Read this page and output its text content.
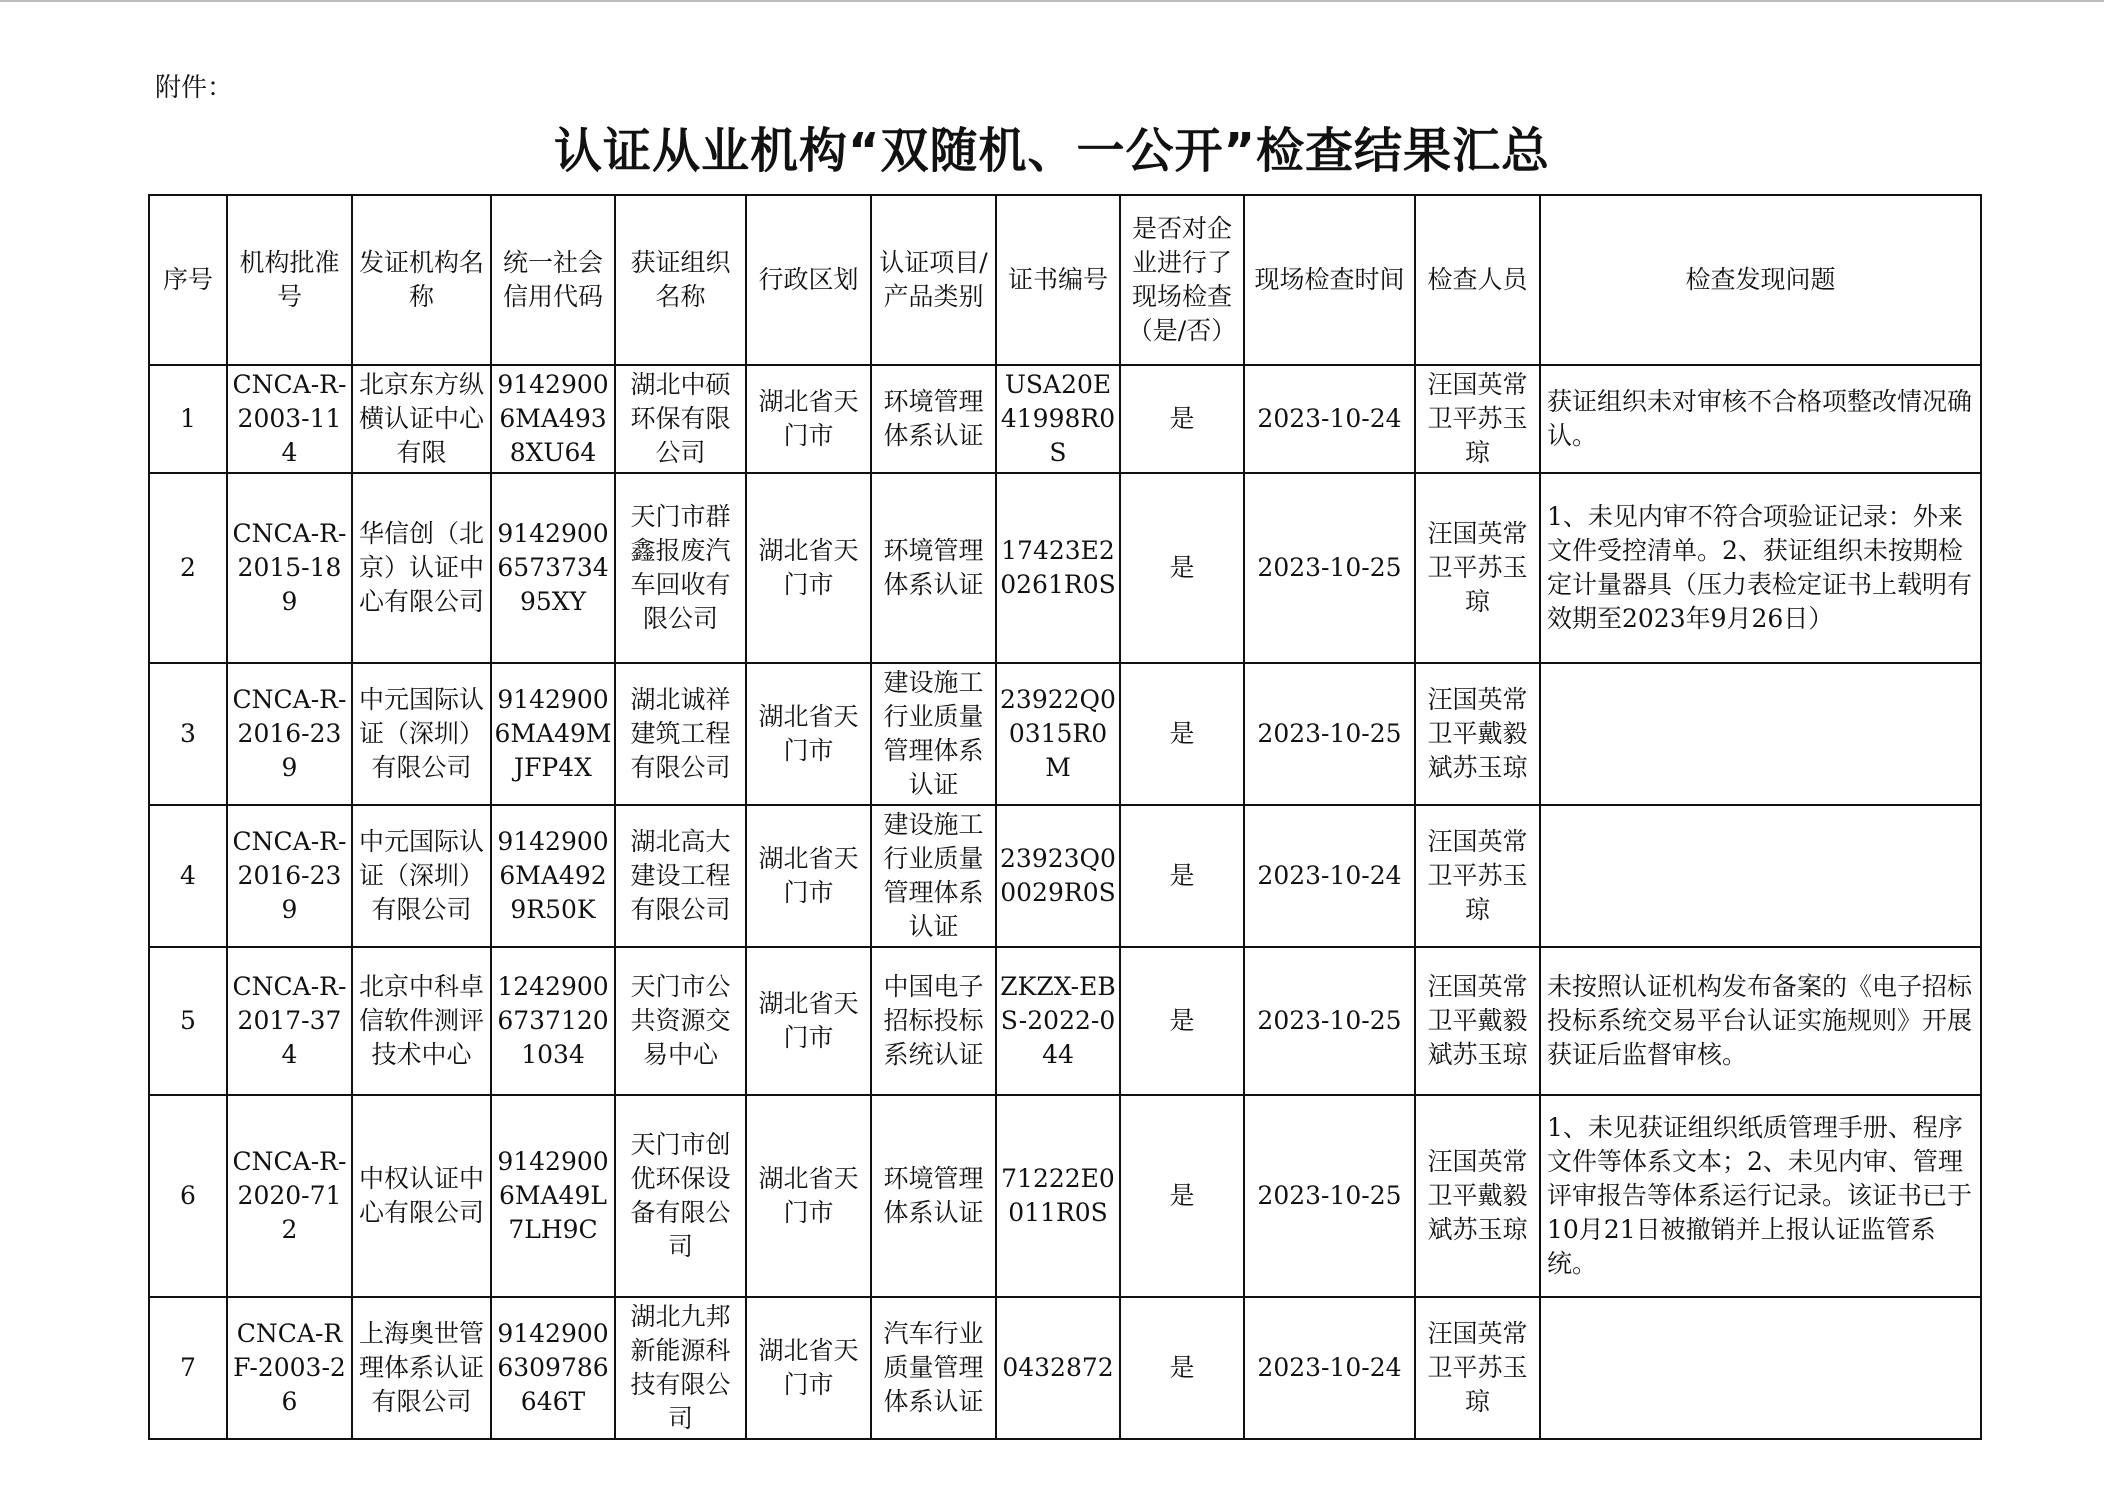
附件：
认证从业机构“双随机、一公开”检查结果汇总
序号	机构批准号	发证机构名称	统一社会信用代码	获证组织名称	行政区划	认证项目/产品类别	证书编号	是否对企业进行了现场检查（是/否）	现场检查时间	检查人员	检查发现问题
1	CNCA-R-2003-114	北京东方纵横认证中心有限	91429006MA4938XU64	湖北中硕环保有限公司	湖北省天门市	环境管理体系认证	USA20E41998R0S	是	2023-10-24	汪国英常卫平苏玉琼	获证组织未对审核不合格项整改情况确认。
2	CNCA-R-2015-189	华信创（北京）认证中心有限公司	9142900657373495XY	天门市群鑫报废汽车回收有限公司	湖北省天门市	环境管理体系认证	17423E20261R0S	是	2023-10-25	汪国英常卫平苏玉琼	1、未见内审不符合项验证记录：外来文件受控清单。2、获证组织未按期检定计量器具（压力表检定证书上载明有效期至2023年9月26日）
3	CNCA-R-2016-239	中元国际认证（深圳）有限公司	91429006MA49MJFP4X	湖北诚祥建筑工程有限公司	湖北省天门市	建设施工行业质量管理体系认证	23922Q00315R0M	是	2023-10-25	汪国英常卫平戴毅斌苏玉琼	
4	CNCA-R-2016-239	中元国际认证（深圳）有限公司	91429006MA4929R50K	湖北高大建设工程有限公司	湖北省天门市	建设施工行业质量管理体系认证	23923Q00029R0S	是	2023-10-24	汪国英常卫平苏玉琼	
5	CNCA-R-2017-374	北京中科卓信软件测评技术中心	124290067371201034	天门市公共资源交易中心	湖北省天门市	中国电子招标投标系统认证	ZKZX-EBS-2022-044	是	2023-10-25	汪国英常卫平戴毅斌苏玉琼	未按照认证机构发布备案的《电子招标投标系统交易平台认证实施规则》开展获证后监督审核。
6	CNCA-R-2020-712	中权认证中心有限公司	91429006MA49L7LH9C	天门市创优环保设备有限公司	湖北省天门市	环境管理体系认证	71222E0011R0S	是	2023-10-25	汪国英常卫平戴毅斌苏玉琼	1、未见获证组织纸质管理手册、程序文件等体系文本；2、未见内审、管理评审报告等体系运行记录。该证书已于10月21日被撤销并上报认证监管系统。
7	CNCA-RF-2003-26	上海奥世管理体系认证有限公司	914290063097866​46T	湖北九邦新能源科技有限公司	湖北省天门市	汽车行业质量管理体系认证	0432872	是	2023-10-24	汪国英常卫平苏玉琼	
